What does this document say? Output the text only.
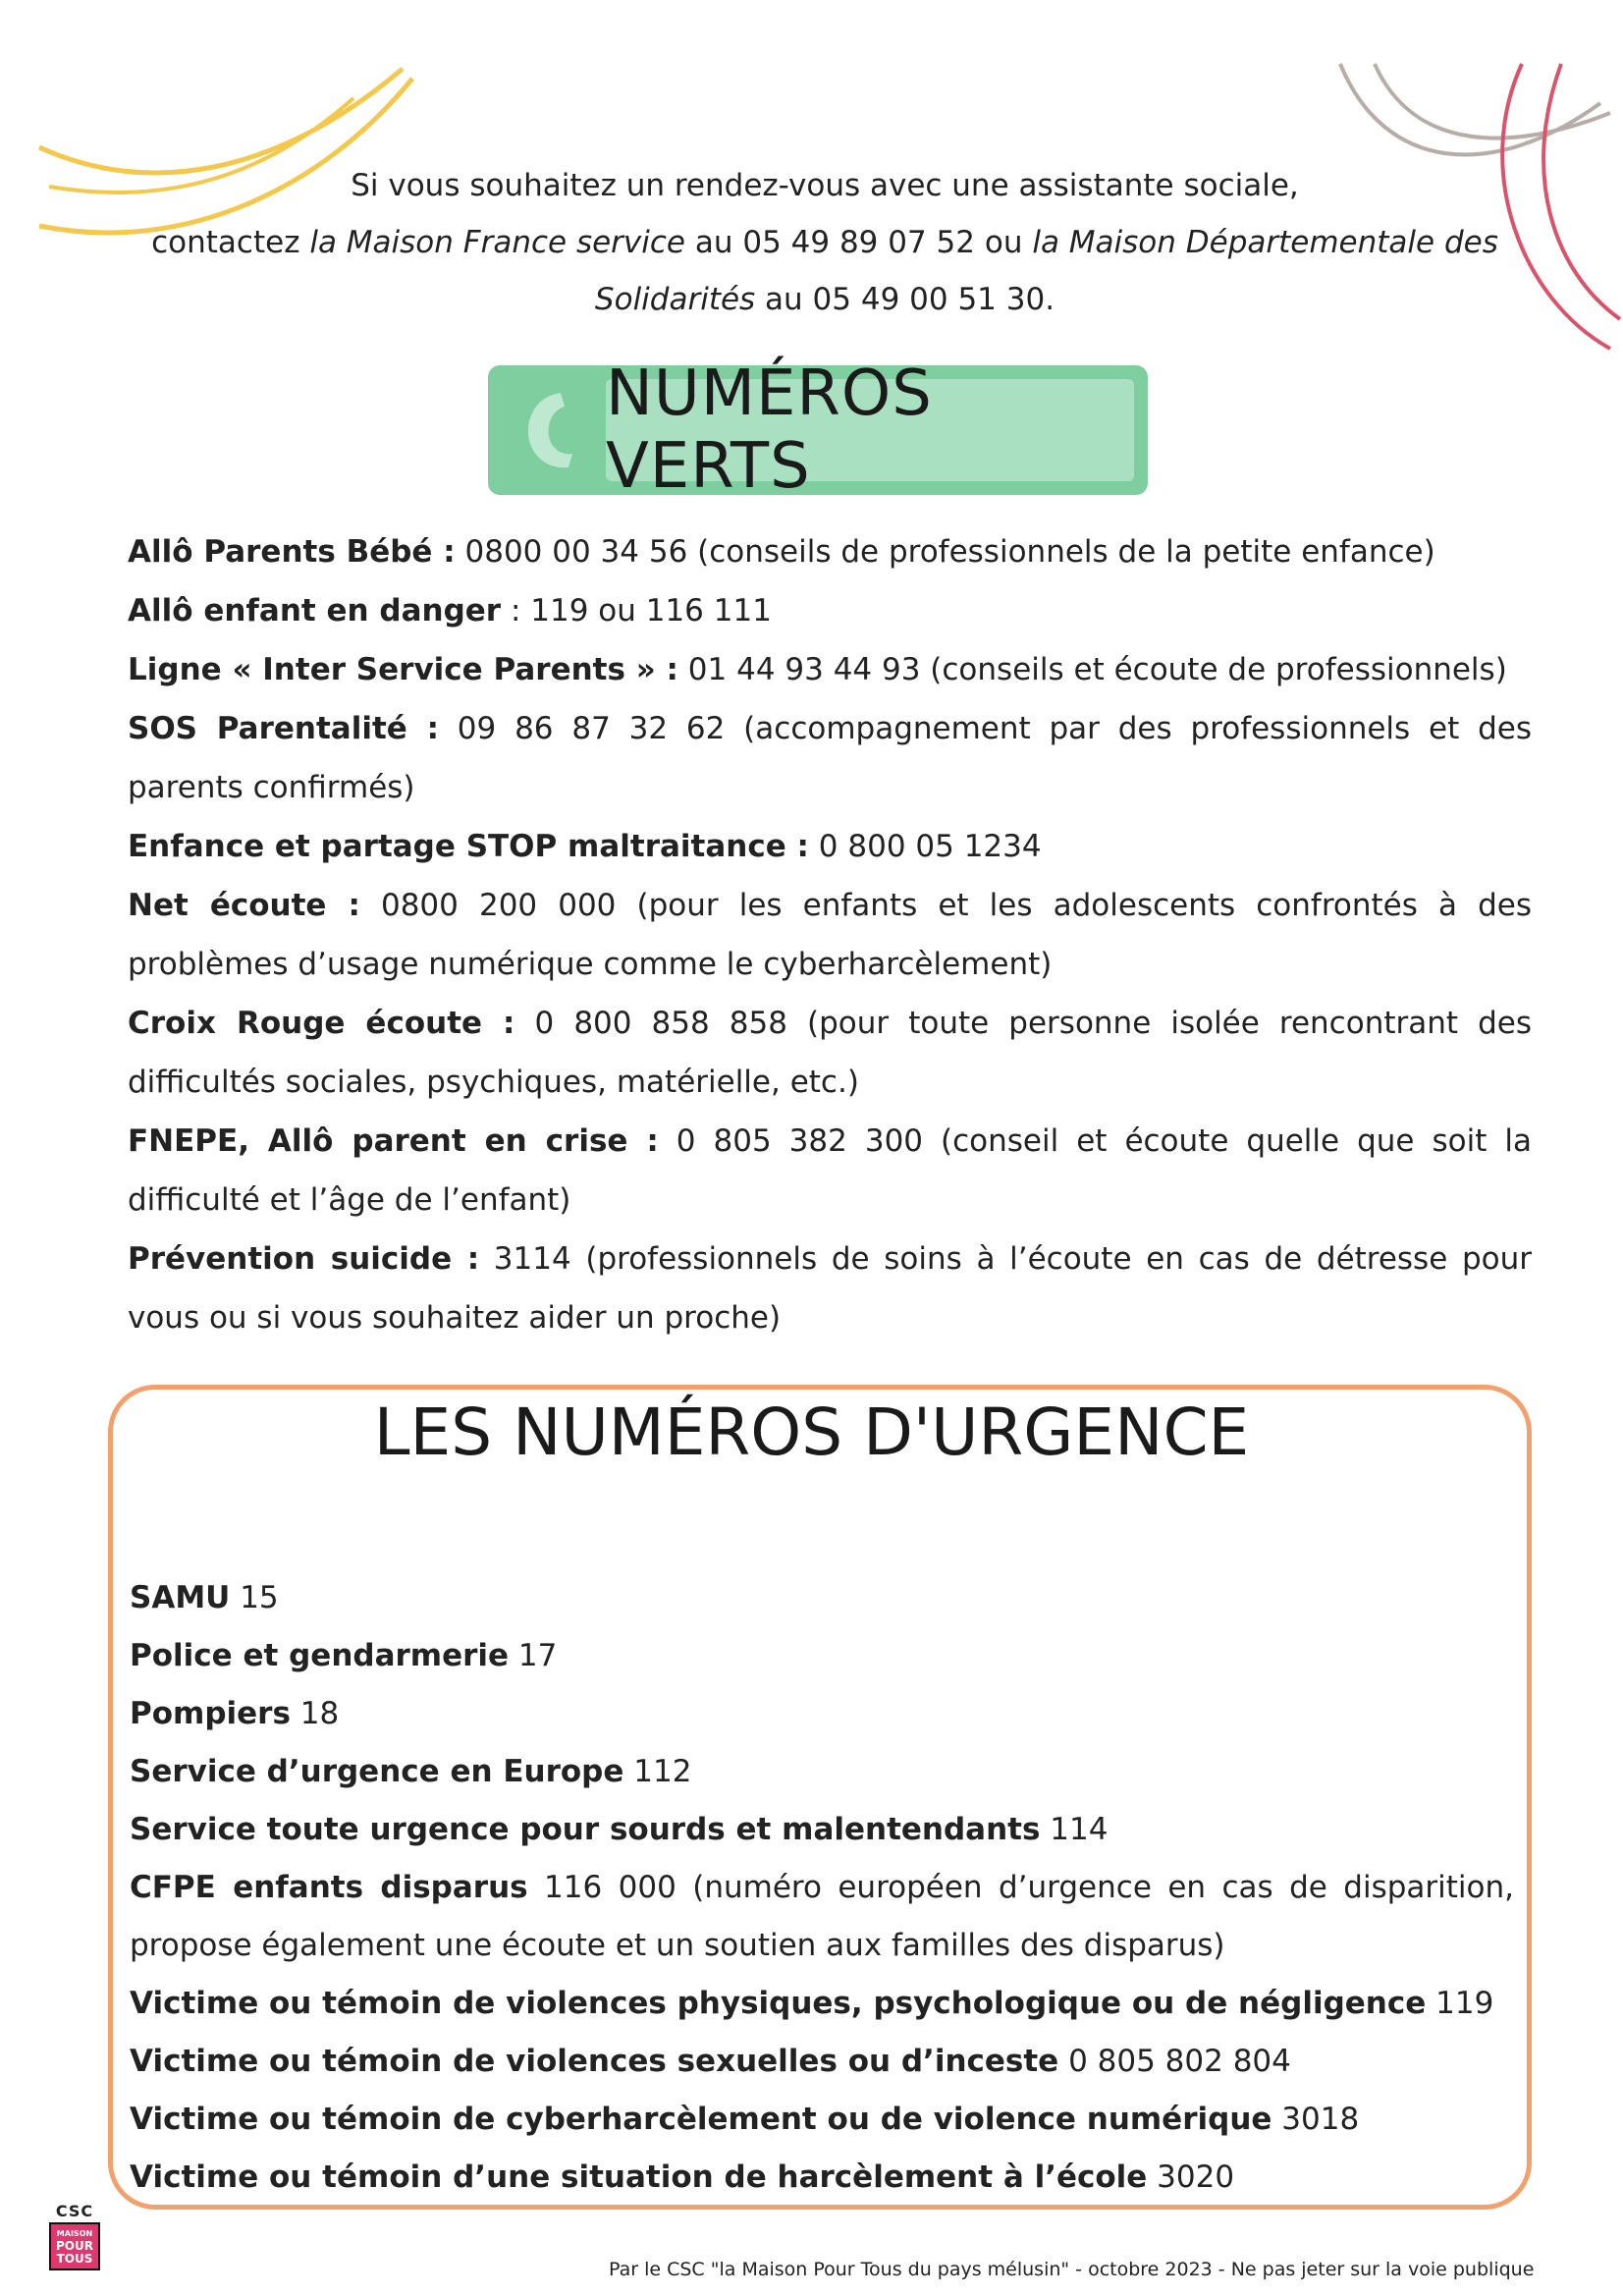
Si vous souhaitez un rendez-vous avec une assistante sociale,

contactez la Maison France service au 05 49 89 07 52 ou la Maison Départementale des

Solidarités au 05 49 00 51 30.

NUMÉROS VERTS

Allô Parents Bébé : 0800 00 34 56 (conseils de professionnels de la petite enfance)

Allô enfant en danger : 119 ou 116 111

Ligne « Inter Service Parents » : 01 44 93 44 93 (conseils et écoute de professionnels)

SOS Parentalité : 09 86 87 32 62 (accompagnement par des professionnels et des parents confirmés)

Enfance et partage STOP maltraitance : 0 800 05 1234

Net écoute : 0800 200 000 (pour les enfants et les adolescents confrontés à des problèmes d’usage numérique comme le cyberharcèlement)

Croix Rouge écoute : 0 800 858 858 (pour toute personne isolée rencontrant des difficultés sociales, psychiques, matérielle, etc.)

FNEPE, Allô parent en crise : 0 805 382 300 (conseil et écoute quelle que soit la difficulté et l’âge de l’enfant)

Prévention suicide : 3114 (professionnels de soins à l’écoute en cas de détresse pour vous ou si vous souhaitez aider un proche)

LES NUMÉROS D'URGENCE

SAMU 15

Police et gendarmerie 17

Pompiers 18

Service d’urgence en Europe 112

Service toute urgence pour sourds et malentendants 114

CFPE enfants disparus 116 000 (numéro européen d’urgence en cas de disparition, propose également une écoute et un soutien aux familles des disparus)

Victime ou témoin de violences physiques, psychologique ou de négligence 119

Victime ou témoin de violences sexuelles ou d’inceste 0 805 802 804

Victime ou témoin de cyberharcèlement ou de violence numérique 3018

Victime ou témoin d’une situation de harcèlement à l’école 3020

CSC
MAISON
POUR
TOUS	Par le CSC "la Maison Pour Tous du pays mélusin" - octobre 2023 - Ne pas jeter sur la voie publique
